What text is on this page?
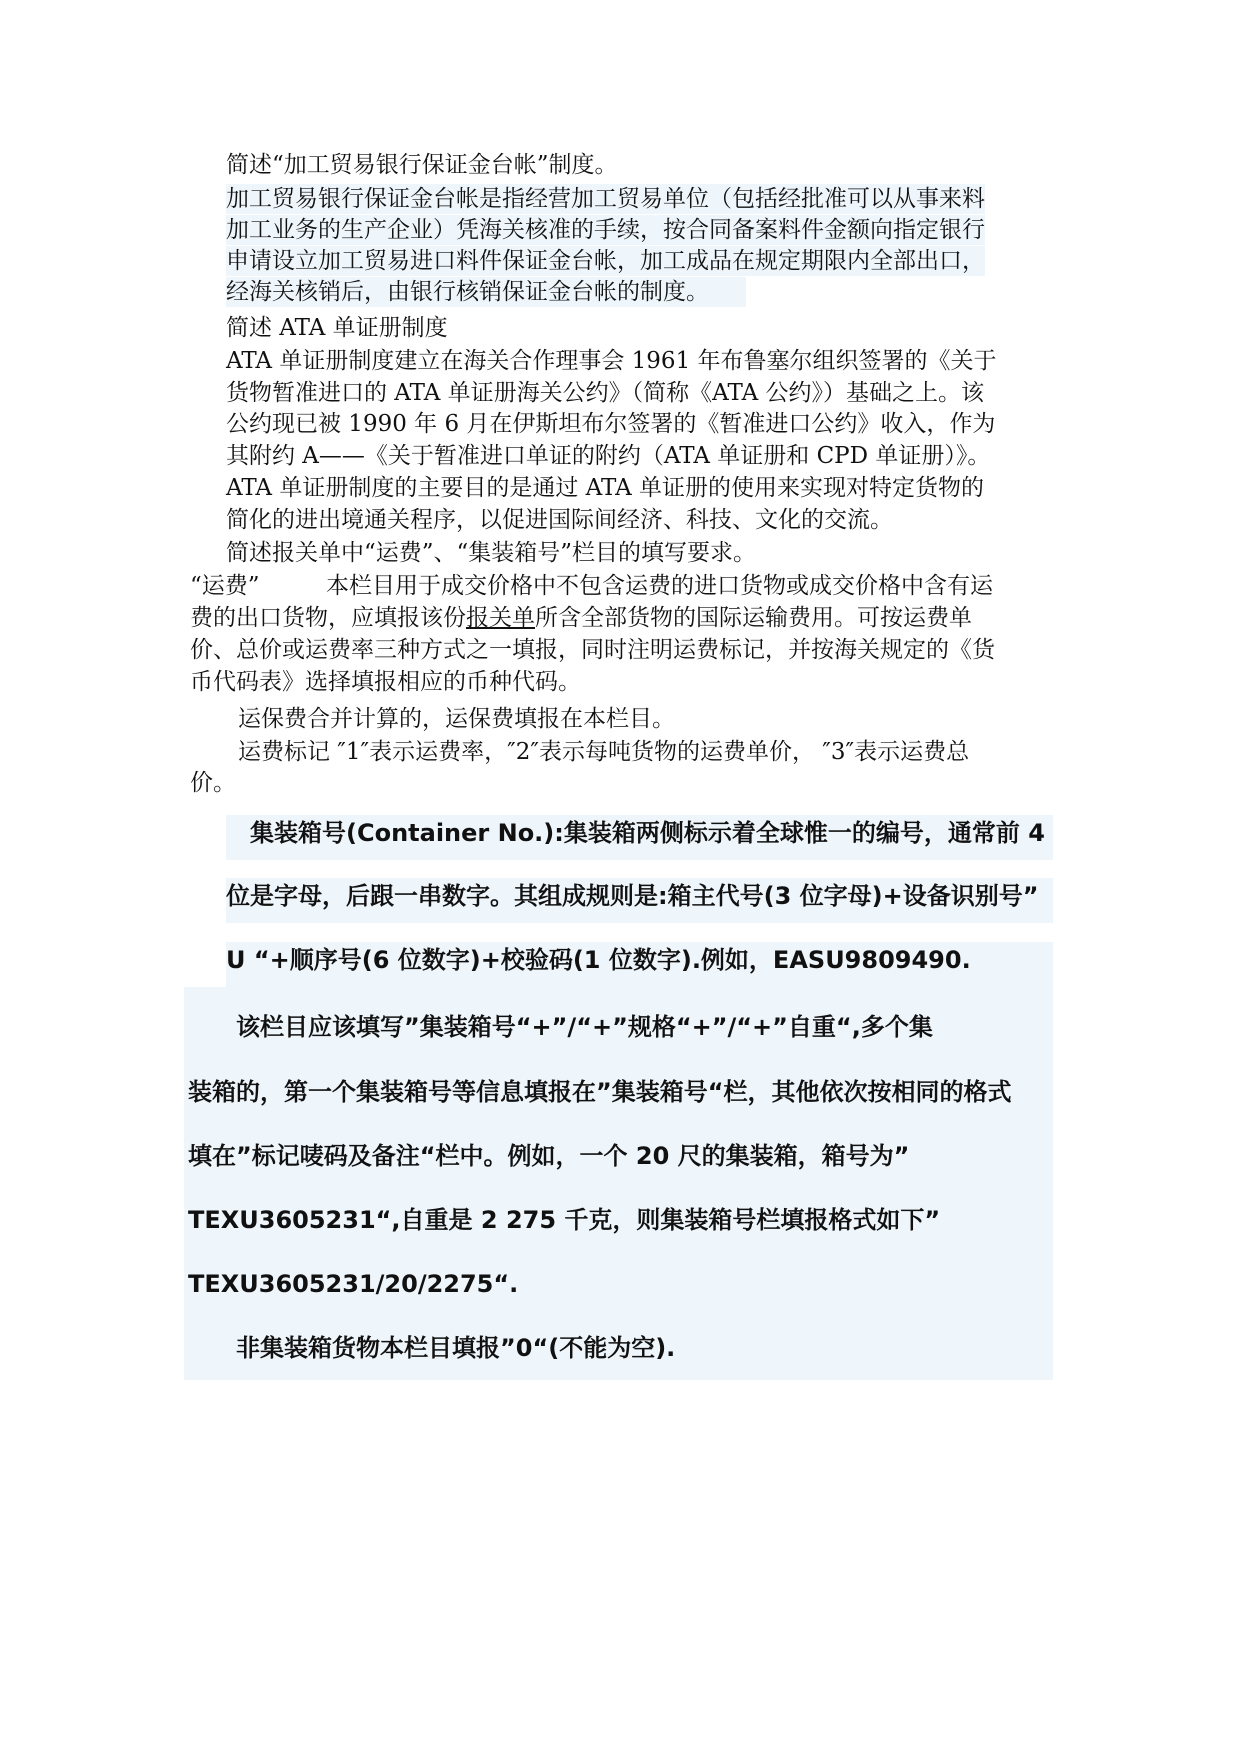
简述“加工贸易银行保证金台帐”制度。
加工贸易银行保证金台帐是指经营加工贸易单位（包括经批准可以从事来料
加工业务的生产企业）凭海关核准的手续，按合同备案料件金额向指定银行
申请设立加工贸易进口料件保证金台帐，加工成品在规定期限内全部出口，
经海关核销后，由银行核销保证金台帐的制度。
简述 ATA 单证册制度
ATA 单证册制度建立在海关合作理事会 1961 年布鲁塞尔组织签署的《关于
货物暂准进口的 ATA 单证册海关公约》（简称《ATA 公约》）基础之上。该
公约现已被 1990 年 6 月在伊斯坦布尔签署的《暂准进口公约》收入，作为
其附约 A——《关于暂准进口单证的附约（ATA 单证册和 CPD 单证册）》。
ATA 单证册制度的主要目的是通过 ATA 单证册的使用来实现对特定货物的
简化的进出境通关程序，以促进国际间经济、科技、文化的交流。
简述报关单中“运费”、“集装箱号”栏目的填写要求。
“运费”	本栏目用于成交价格中不包含运费的进口货物或成交价格中含有运
费的出口货物，应填报该份报关单所含全部货物的国际运输费用。可按运费单
价、总价或运费率三种方式之一填报，同时注明运费标记，并按海关规定的《货
币代码表》选择填报相应的币种代码。
运保费合并计算的，运保费填报在本栏目。
运费标记 ″1″表示运费率，″2″表示每吨货物的运费单价， ″3″表示运费总
价。
集装箱号(Container No.):集装箱两侧标示着全球惟一的编号，通常前 4
位是字母，后跟一串数字。其组成规则是:箱主代号(3 位字母)+设备识别号”
U “+顺序号(6 位数字)+校验码(1 位数字).例如，EASU9809490.
该栏目应该填写”集装箱号“+”/“+”规格“+”/“+”自重“,多个集
装箱的，第一个集装箱号等信息填报在”集装箱号“栏，其他依次按相同的格式
填在”标记唛码及备注“栏中。例如，一个 20 尺的集装箱，箱号为”
TEXU3605231“,自重是 2 275 千克，则集装箱号栏填报格式如下”
TEXU3605231/20/2275“.
非集装箱货物本栏目填报”0“(不能为空).
